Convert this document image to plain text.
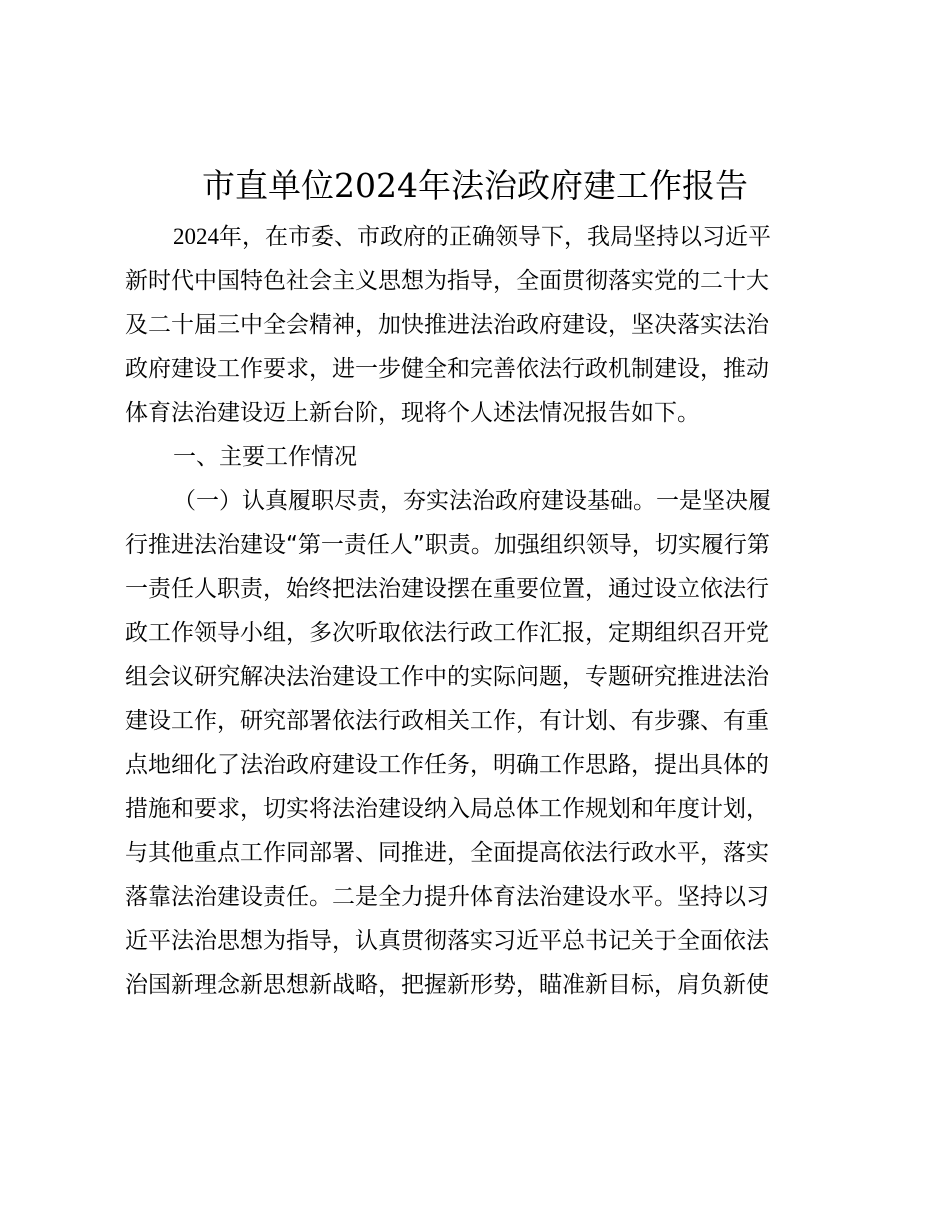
市直单位2024年法治政府建工作报告
2024年，在市委、市政府的正确领导下，我局坚持以习近平
新时代中国特色社会主义思想为指导，全面贯彻落实党的二十大
及二十届三中全会精神，加快推进法治政府建设，坚决落实法治
政府建设工作要求，进一步健全和完善依法行政机制建设，推动
体育法治建设迈上新台阶，现将个人述法情况报告如下。
一、主要工作情况
（一）认真履职尽责，夯实法治政府建设基础。一是坚决履
行推进法治建设“第一责任人”职责。加强组织领导，切实履行第
一责任人职责，始终把法治建设摆在重要位置，通过设立依法行
政工作领导小组，多次听取依法行政工作汇报，定期组织召开党
组会议研究解决法治建设工作中的实际问题，专题研究推进法治
建设工作，研究部署依法行政相关工作，有计划、有步骤、有重
点地细化了法治政府建设工作任务，明确工作思路，提出具体的
措施和要求，切实将法治建设纳入局总体工作规划和年度计划，
与其他重点工作同部署、同推进，全面提高依法行政水平，落实
落靠法治建设责任。二是全力提升体育法治建设水平。坚持以习
近平法治思想为指导，认真贯彻落实习近平总书记关于全面依法
治国新理念新思想新战略，把握新形势，瞄准新目标，肩负新使
